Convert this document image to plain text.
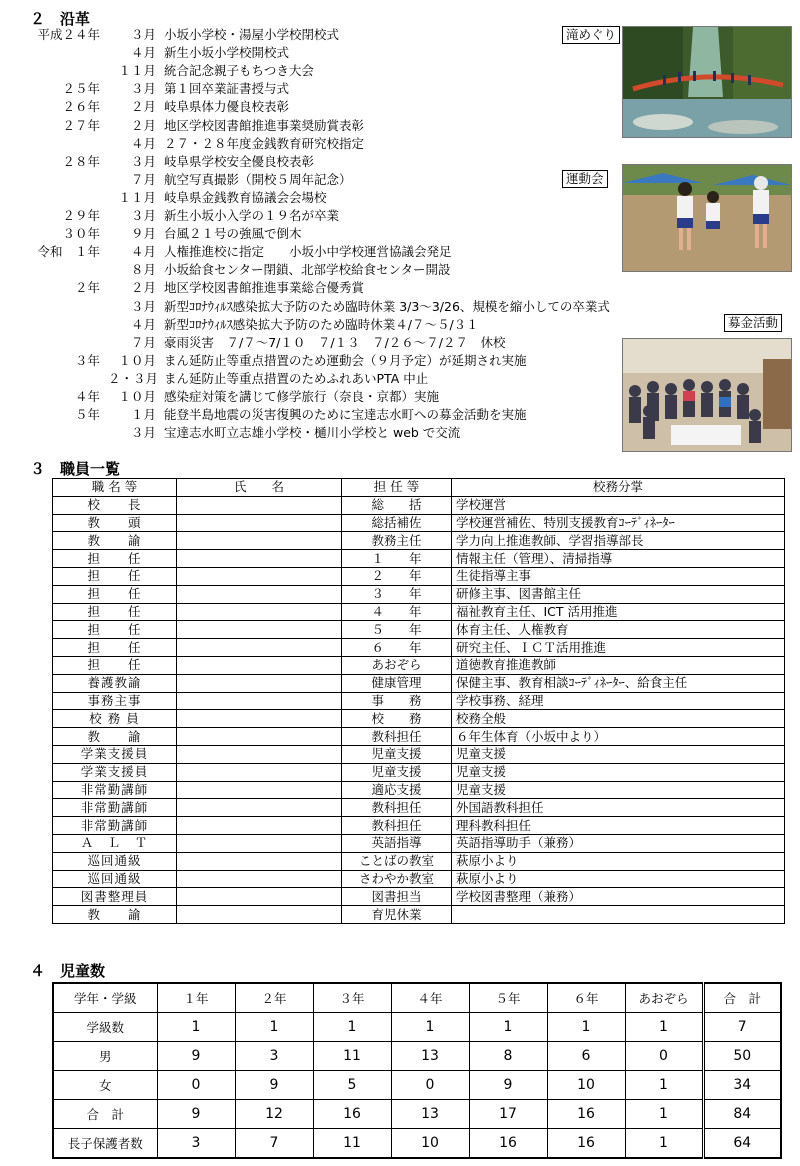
２　沿革
平成２４年	３月 小坂小学校・湯屋小学校閉校式
４月 新生小坂小学校開校式
１１月 統合記念親子もちつき大会
２５年	３月 第１回卒業証書授与式
２６年	２月 岐阜県体力優良校表彰
２７年	２月 地区学校図書館推進事業奨励賞表彰
４月 ２７・２８年度金銭教育研究校指定
２８年	３月 岐阜県学校安全優良校表彰
７月 航空写真撮影（開校５周年記念）
１１月 岐阜県金銭教育協議会会場校
２９年	３月 新生小坂小入学の１９名が卒業
３０年	９月 台風２１号の強風で倒木
令和　１年	４月 人権推進校に指定　　小坂小中学校運営協議会発足
８月 小坂給食センター閉鎖、北部学校給食センター開設
２年	２月 地区学校図書館推進事業総合優秀賞
３月 新型ｺﾛﾅｳｨﾙｽ感染拡大予防のため臨時休業 3/3～3/26、規模を縮小しての卒業式
４月 新型ｺﾛﾅｳｨﾙｽ感染拡大予防のため臨時休業４/７～５/３１
７月 豪雨災害　７/７～7/１０　７/１３　７/２６～７/２７　休校
３年	１０月 まん延防止等重点措置のため運動会（９月予定）が延期され実施
２・３月 まん延防止等重点措置のためふれあいPTA 中止
４年	１０月 感染症対策を講じて修学旅行（奈良・京都）実施
５年	１月 能登半島地震の災害復興のために宝達志水町への募金活動を実施
３月 宝達志水町立志雄小学校・樋川小学校と web で交流
滝めぐり
運動会
募金活動
３　職員一覧
職 名 等	氏　　名	担 任 等	校務分掌
校　　長		総　　括	学校運営
教　　頭		総括補佐	学校運営補佐、特別支援教育ｺｰﾃﾞｨﾈｰﾀｰ
教　　諭		教務主任	学力向上推進教師、学習指導部長
担　　任		１　　年	情報主任（管理）、清掃指導
担　　任		２　　年	生徒指導主事
担　　任		３　　年	研修主事、図書館主任
担　　任		４　　年	福祉教育主任、ICT 活用推進
担　　任		５　　年	体育主任、人権教育
担　　任		６　　年	研究主任、ＩＣＴ活用推進
担　　任		あおぞら	道徳教育推進教師
養護教諭		健康管理	保健主事、教育相談ｺｰﾃﾞｨﾈｰﾀｰ、給食主任
事務主事		事　　務	学校事務、経理
校 務 員		校　　務	校務全般
教　　諭		教科担任	６年生体育（小坂中より）
学業支援員		児童支援	児童支援
学業支援員		児童支援	児童支援
非常勤講師		適応支援	児童支援
非常勤講師		教科担任	外国語教科担任
非常勤講師		教科担任	理科教科担任
Ａ　Ｌ　Ｔ		英語指導	英語指導助手（兼務）
巡回通級		ことばの教室	萩原小より
巡回通級		さわやか教室	萩原小より
図書整理員		図書担当	学校図書整理（兼務）
教　　諭		育児休業	
４　児童数
学年・学級	１年	２年	３年	４年	５年	６年	あおぞら	合　計
学級数	1	1	1	1	1	1	1	7
男	9	3	11	13	8	6	0	50
女	0	9	5	0	9	10	1	34
合　計	9	12	16	13	17	16	1	84
長子保護者数	3	7	11	10	16	16	1	64
